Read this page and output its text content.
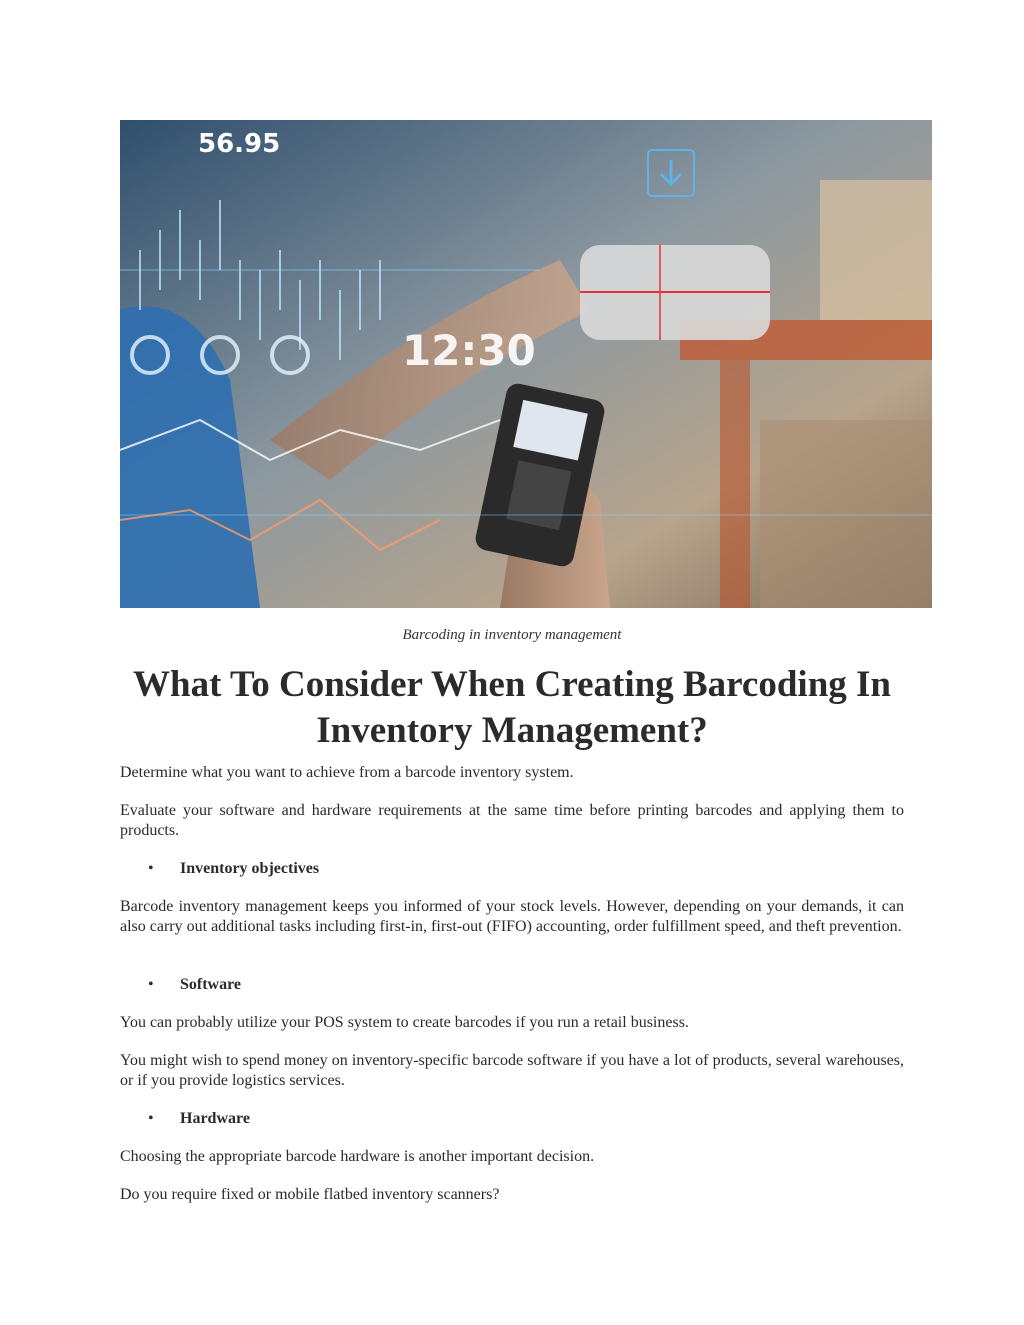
56.95
12:30
Barcoding in inventory management
What To Consider When Creating Barcoding In Inventory Management?

Determine what you want to achieve from a barcode inventory system.

Evaluate your software and hardware requirements at the same time before printing barcodes and applying them to products.

• Inventory objectives

Barcode inventory management keeps you informed of your stock levels. However, depending on your demands, it can also carry out additional tasks including first-in, first-out (FIFO) accounting, order fulfillment speed, and theft prevention.

• Software

You can probably utilize your POS system to create barcodes if you run a retail business.

You might wish to spend money on inventory-specific barcode software if you have a lot of products, several warehouses, or if you provide logistics services.

• Hardware

Choosing the appropriate barcode hardware is another important decision.

Do you require fixed or mobile flatbed inventory scanners?
